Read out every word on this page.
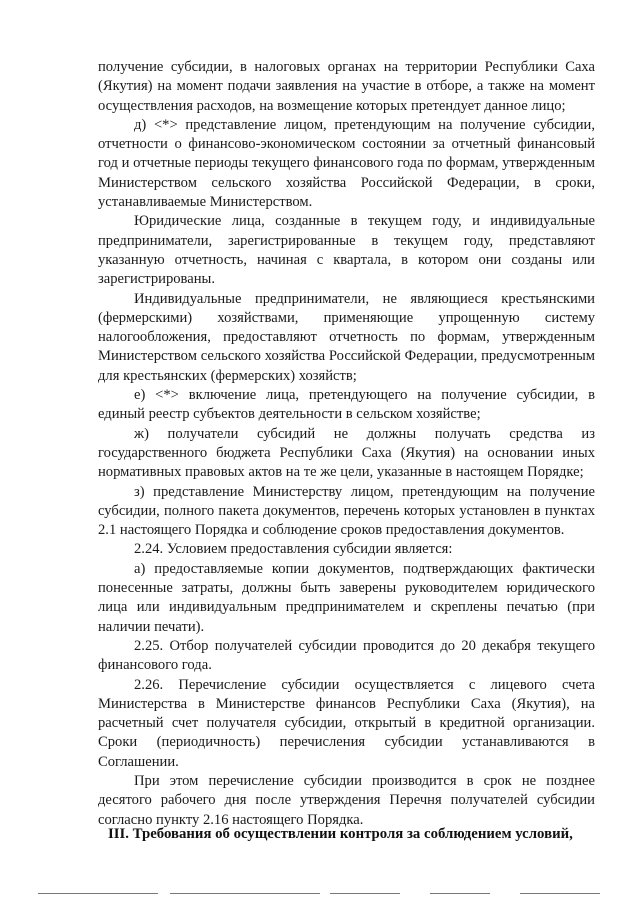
получение субсидии, в налоговых органах на территории Республики Саха (Якутия) на момент подачи заявления на участие в отборе, а также на момент осуществления расходов, на возмещение которых претендует данное лицо;

д) <*> представление лицом, претендующим на получение субсидии, отчетности о финансово-экономическом состоянии за отчетный финансовый год и отчетные периоды текущего финансового года по формам, утвержденным Министерством сельского хозяйства Российской Федерации, в сроки, устанавливаемые Министерством.

Юридические лица, созданные в текущем году, и индивидуальные предприниматели, зарегистрированные в текущем году, представляют указанную отчетность, начиная с квартала, в котором они созданы или зарегистрированы.

Индивидуальные предприниматели, не являющиеся крестьянскими (фермерскими) хозяйствами, применяющие упрощенную систему налогообложения, предоставляют отчетность по формам, утвержденным Министерством сельского хозяйства Российской Федерации, предусмотренным для крестьянских (фермерских) хозяйств;

е) <*> включение лица, претендующего на получение субсидии, в единый реестр субъектов деятельности в сельском хозяйстве;

ж) получатели субсидий не должны получать средства из государственного бюджета Республики Саха (Якутия) на основании иных нормативных правовых актов на те же цели, указанные в настоящем Порядке;

з) представление Министерству лицом, претендующим на получение субсидии, полного пакета документов, перечень которых установлен в пунктах 2.1 настоящего Порядка и соблюдение сроков предоставления документов.

2.24. Условием предоставления субсидии является:

а) предоставляемые копии документов, подтверждающих фактически понесенные затраты, должны быть заверены руководителем юридического лица или индивидуальным предпринимателем и скреплены печатью (при наличии печати).

2.25. Отбор получателей субсидии проводится до 20 декабря текущего финансового года.

2.26. Перечисление субсидии осуществляется с лицевого счета Министерства в Министерстве финансов Республики Саха (Якутия), на расчетный счет получателя субсидии, открытый в кредитной организации. Сроки (периодичность) перечисления субсидии устанавливаются в Соглашении.

При этом перечисление субсидии производится в срок не позднее десятого рабочего дня после утверждения Перечня получателей субсидии согласно пункту 2.16 настоящего Порядка.

III. Требования об осуществлении контроля за соблюдением условий,
